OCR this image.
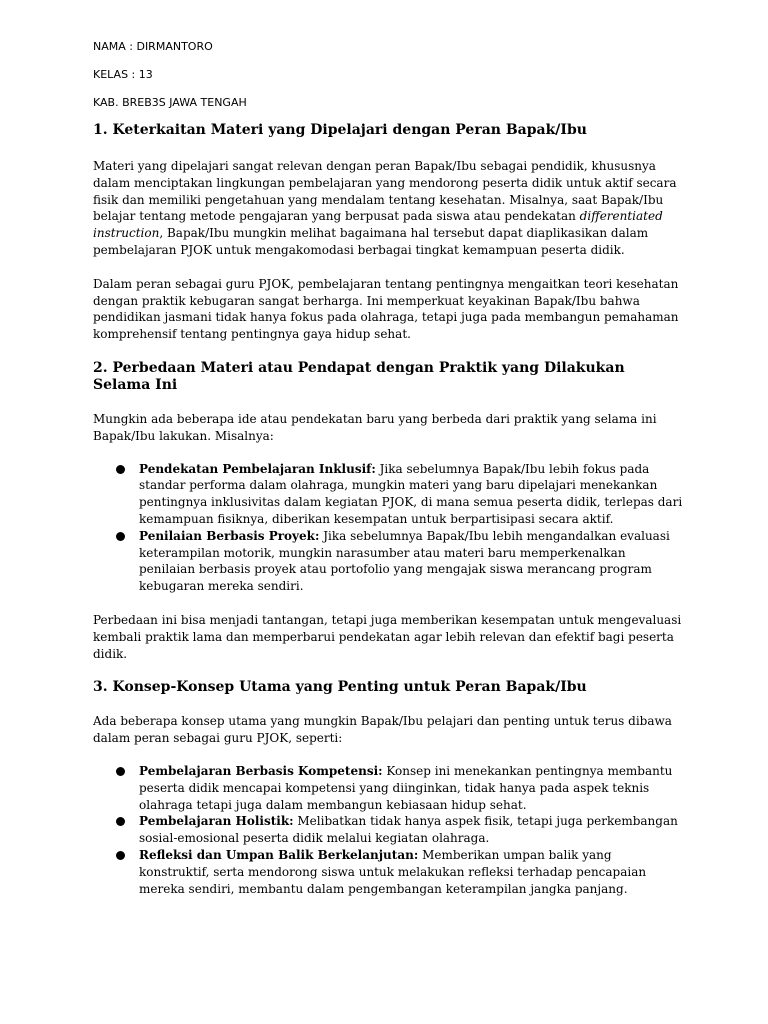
NAMA : DIRMANTORO

KELAS : 13

KAB. BREB3S JAWA TENGAH

1. Keterkaitan Materi yang Dipelajari dengan Peran Bapak/Ibu

Materi yang dipelajari sangat relevan dengan peran Bapak/Ibu sebagai pendidik, khususnya dalam menciptakan lingkungan pembelajaran yang mendorong peserta didik untuk aktif secara fisik dan memiliki pengetahuan yang mendalam tentang kesehatan. Misalnya, saat Bapak/Ibu belajar tentang metode pengajaran yang berpusat pada siswa atau pendekatan differentiated instruction, Bapak/Ibu mungkin melihat bagaimana hal tersebut dapat diaplikasikan dalam pembelajaran PJOK untuk mengakomodasi berbagai tingkat kemampuan peserta didik.

Dalam peran sebagai guru PJOK, pembelajaran tentang pentingnya mengaitkan teori kesehatan dengan praktik kebugaran sangat berharga. Ini memperkuat keyakinan Bapak/Ibu bahwa pendidikan jasmani tidak hanya fokus pada olahraga, tetapi juga pada membangun pemahaman komprehensif tentang pentingnya gaya hidup sehat.

2. Perbedaan Materi atau Pendapat dengan Praktik yang Dilakukan Selama Ini

Mungkin ada beberapa ide atau pendekatan baru yang berbeda dari praktik yang selama ini Bapak/Ibu lakukan. Misalnya:

Pendekatan Pembelajaran Inklusif: Jika sebelumnya Bapak/Ibu lebih fokus pada standar performa dalam olahraga, mungkin materi yang baru dipelajari menekankan pentingnya inklusivitas dalam kegiatan PJOK, di mana semua peserta didik, terlepas dari kemampuan fisiknya, diberikan kesempatan untuk berpartisipasi secara aktif.
Penilaian Berbasis Proyek: Jika sebelumnya Bapak/Ibu lebih mengandalkan evaluasi keterampilan motorik, mungkin narasumber atau materi baru memperkenalkan penilaian berbasis proyek atau portofolio yang mengajak siswa merancang program kebugaran mereka sendiri.

Perbedaan ini bisa menjadi tantangan, tetapi juga memberikan kesempatan untuk mengevaluasi kembali praktik lama dan memperbarui pendekatan agar lebih relevan dan efektif bagi peserta didik.

3. Konsep-Konsep Utama yang Penting untuk Peran Bapak/Ibu

Ada beberapa konsep utama yang mungkin Bapak/Ibu pelajari dan penting untuk terus dibawa dalam peran sebagai guru PJOK, seperti:

Pembelajaran Berbasis Kompetensi: Konsep ini menekankan pentingnya membantu peserta didik mencapai kompetensi yang diinginkan, tidak hanya pada aspek teknis olahraga tetapi juga dalam membangun kebiasaan hidup sehat.
Pembelajaran Holistik: Melibatkan tidak hanya aspek fisik, tetapi juga perkembangan sosial-emosional peserta didik melalui kegiatan olahraga.
Refleksi dan Umpan Balik Berkelanjutan: Memberikan umpan balik yang konstruktif, serta mendorong siswa untuk melakukan refleksi terhadap pencapaian mereka sendiri, membantu dalam pengembangan keterampilan jangka panjang.
